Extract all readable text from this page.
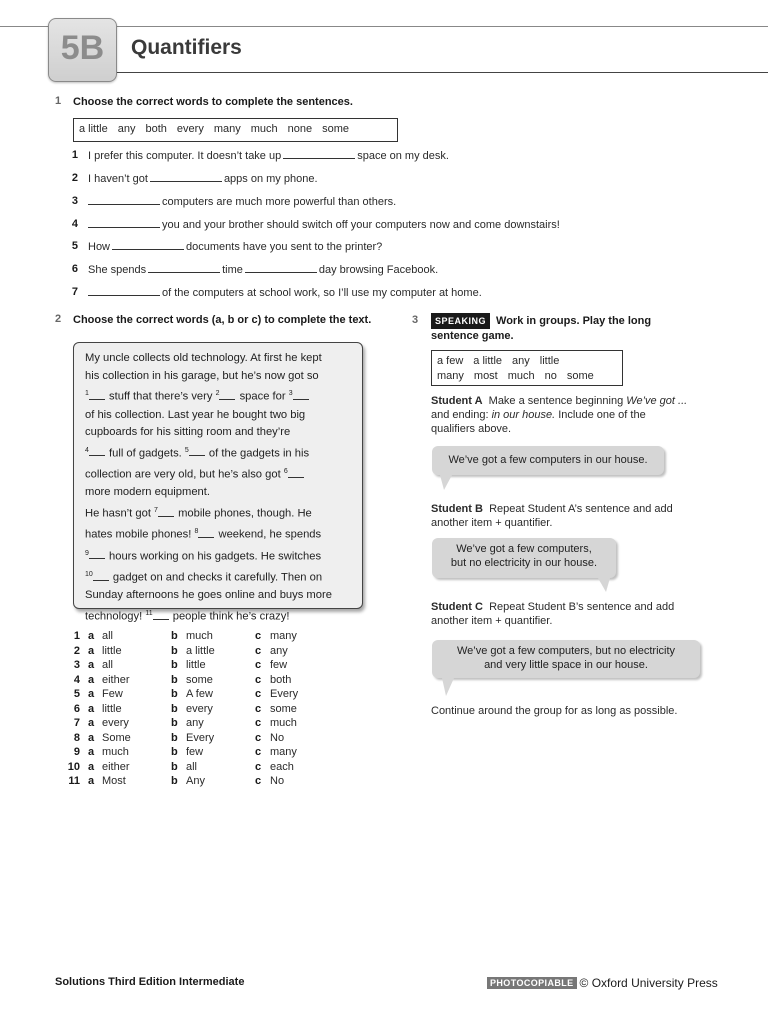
5B	Quantifiers
1 Choose the correct words to complete the sentences.
a little any both every many much none some
1 I prefer this computer. It doesn’t take up	space on my desk.
2 I haven’t got	apps on my phone.
3	computers are much more powerful than others.
4	you and your brother should switch off your computers now and come downstairs!
5 How	documents have you sent to the printer?
6 She spends	time	day browsing Facebook.
7	of the computers at school work, so I’ll use my computer at home.
2 Choose the correct words (a, b or c) to complete the text.
My uncle collects old technology. At first he kept
his collection in his garage, but he’s now got so
$^1$ stuff that there’s very $^2$ space for $^3$
of his collection. Last year he bought two big
cupboards for his sitting room and they’re
$^4$ full of gadgets. $^5$ of the gadgets in his
collection are very old, but he’s also got $^6$
more modern equipment.
He hasn’t got $^7$ mobile phones, though. He
hates mobile phones! $^8$ weekend, he spends
$^9$ hours working on his gadgets. He switches
$^{10}$ gadget on and checks it carefully. Then on
Sunday afternoons he goes online and buys more
technology! $^{11}$ people think he’s crazy!
1 a all	b much	c many
2 a little	b a little	c any
3 a all	b little	c few
4 a either	b some	c both
5 a Few	b A few	c Every
6 a little	b every	c some
7 a every	b any	c much
8 a Some	b Every	c No
9 a much	b few	c many
10 a either	b all	c each
11 a Most	b Any	c No
3	SPEAKING Work in groups. Play the long
sentence game.
a few a little any little
many most much no some
Student A Make a sentence beginning We’ve got ...
and ending: in our house. Include one of the
qualifiers above.
We’ve got a few computers in our house.
Student B Repeat Student A’s sentence and add
another item + quantifier.
We’ve got a few computers,
but no electricity in our house.
Student C Repeat Student B’s sentence and add
another item + quantifier.
We’ve got a few computers, but no electricity
and very little space in our house.
Continue around the group for as long as possible.
Solutions Third Edition Intermediate	PHOTOCOPIABLE © Oxford University Press
